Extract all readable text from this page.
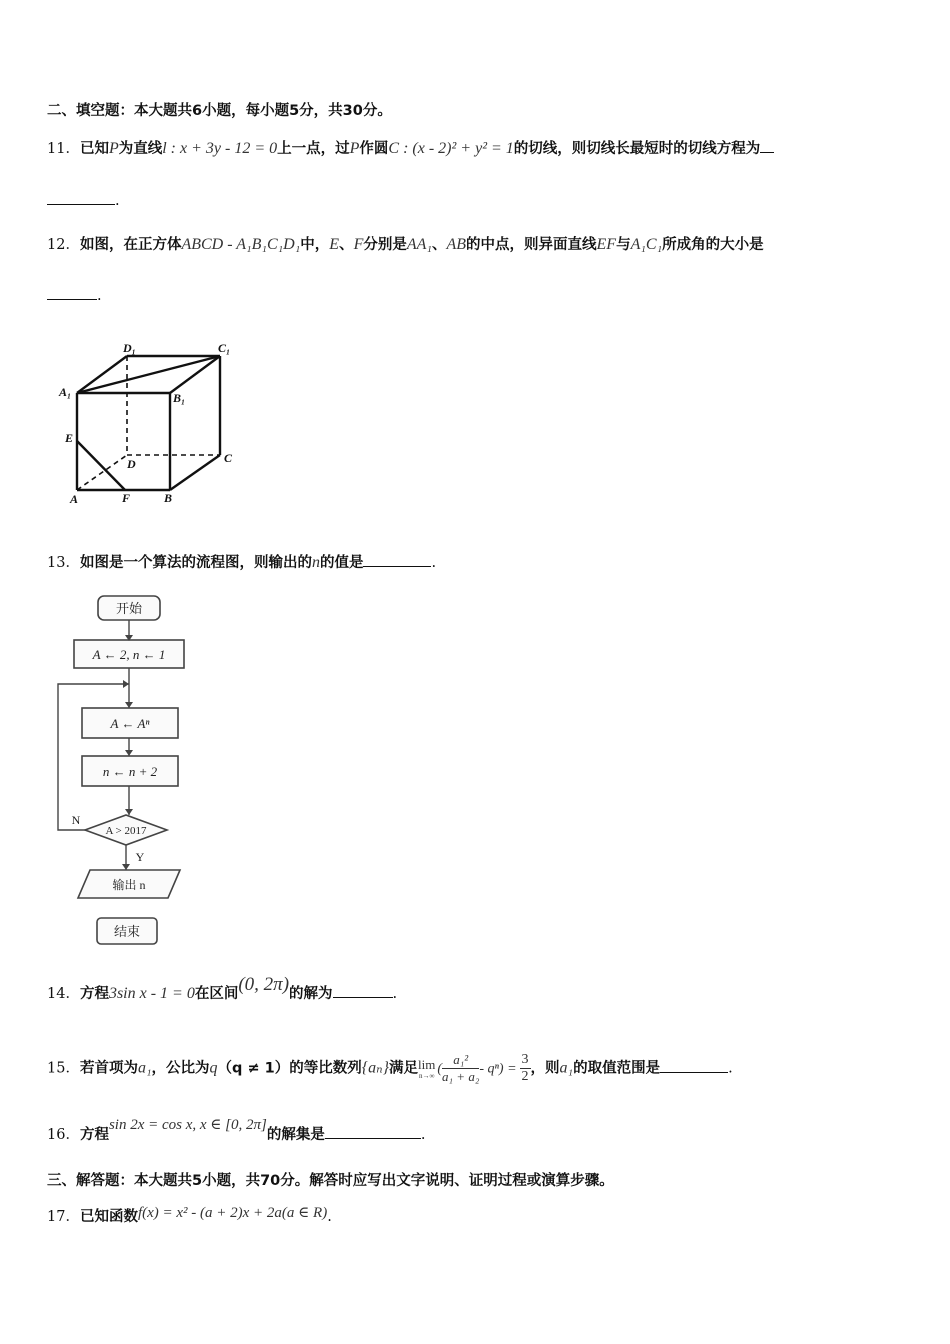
二、填空题：本大题共6小题，每小题5分，共30分。
11．已知P为直线l : x + 3y - 12 = 0上一点，过P作圆C : (x - 2)² + y² = 1的切线，则切线长最短时的切线方程为
.
12．如图，在正方体ABCD - A₁B₁C₁D₁中，E、F分别是AA₁、AB的中点，则异面直线EF与A₁C₁所成角的大小是
.
D₁	C₁
A₁	B₁
E
D	C
A	F	B
13．如图是一个算法的流程图，则输出的n的值是	.
开始
A ← 2, n ← 1
A ← Aⁿ
n ← n + 2
A > 2017
输出 n
结束
N
Y
14．方程3sin x - 1 = 0在区间(0, 2π)的解为	.
15．若首项为a₁，公比为q（q ≠ 1）的等比数列{aₙ}满足 lim
n→∞ ( $\frac{\text{a₁²}}{\text{a₁ + a₂}} - q^n) = \frac{3}{2}$ ，则a₁的取值范围是	.
16．方程sin 2x = cos x, x ∈ [0, 2π]的解集是	.
三、解答题：本大题共5小题，共70分。解答时应写出文字说明、证明过程或演算步骤。
17．已知函数f(x) = x² - (a + 2)x + 2a(a ∈ R).
